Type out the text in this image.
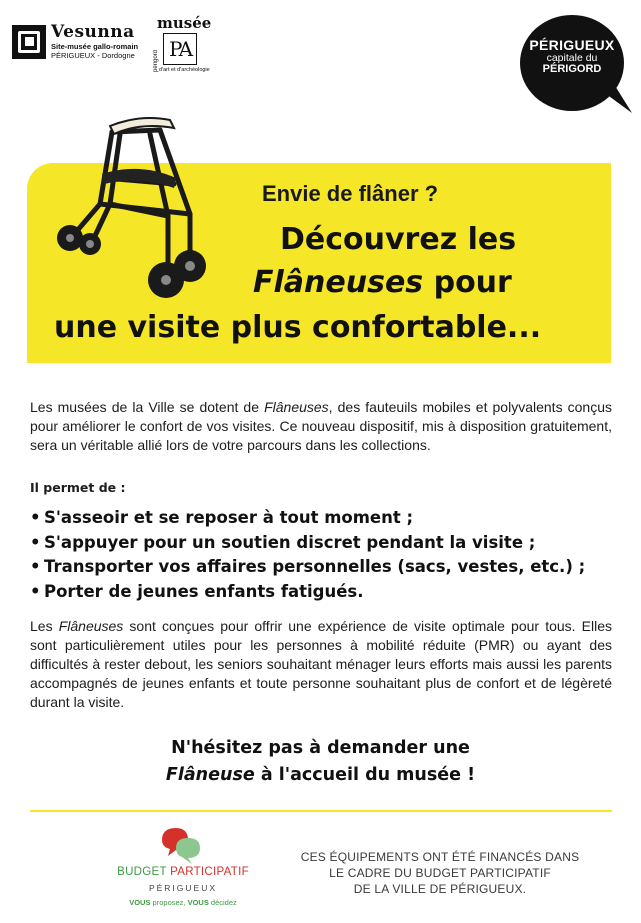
Vesunna
Site-musée gallo-romain
PÉRIGUEUX - Dordogne
musée
périgord PA
d'art et d'archéologie
PÉRIGUEUX
capitale du
PÉRIGORD
Envie de flâner ?
Découvrez les
Flâneuses pour
une visite plus confortable...

Les musées de la Ville se dotent de Flâneuses, des fauteuils mobiles et polyvalents conçus pour améliorer le confort de vos visites. Ce nouveau dispositif, mis à disposition gratuitement, sera un véritable allié lors de votre parcours dans les collections.

Il permet de :
• S'asseoir et se reposer à tout moment ;
• S'appuyer pour un soutien discret pendant la visite ;
• Transporter vos affaires personnelles (sacs, vestes, etc.) ;
• Porter de jeunes enfants fatigués.

Les Flâneuses sont conçues pour offrir une expérience de visite optimale pour tous. Elles sont particulièrement utiles pour les personnes à mobilité réduite (PMR) ou ayant des difficultés à rester debout, les seniors souhaitant ménager leurs efforts mais aussi les parents accompagnés de jeunes enfants et toute personne souhaitant plus de confort et de légèreté durant la visite.

N'hésitez pas à demander une
Flâneuse à l'accueil du musée !
BUDGET PARTICIPATIF
PÉRIGUEUX
VOUS proposez, VOUS décidez
CES ÉQUIPEMENTS ONT ÉTÉ FINANCÉS DANS
LE CADRE DU BUDGET PARTICIPATIF
DE LA VILLE DE PÉRIGUEUX.
